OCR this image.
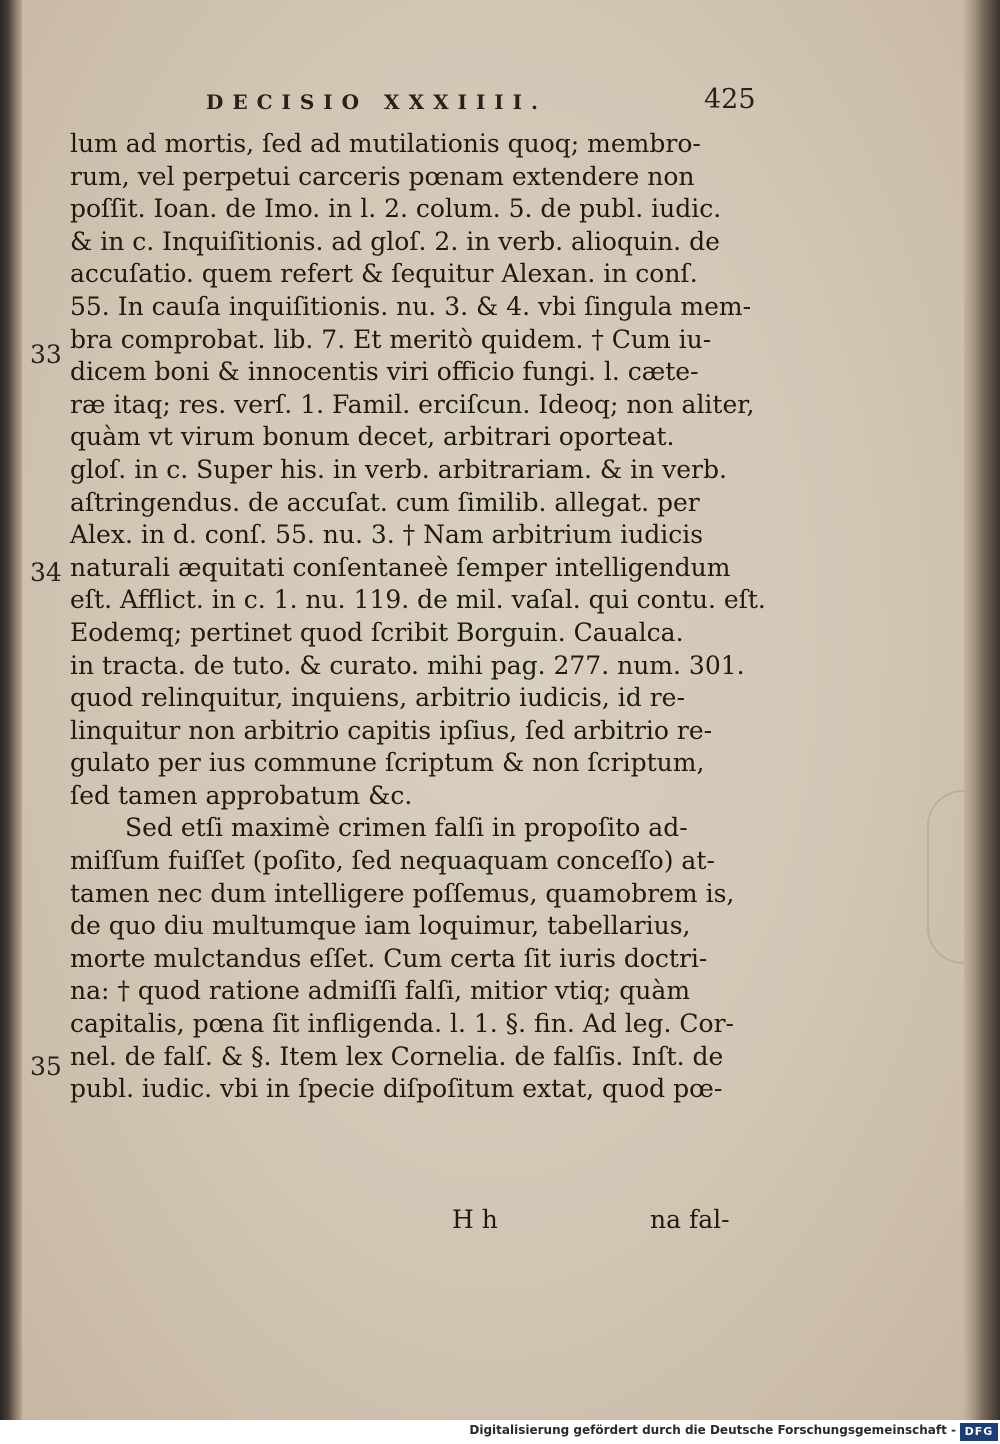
DECISIO XXXIIII.	425
33
34
35
lum ad mortis, ſed ad mutilationis quoq; membro-
rum, vel perpetui carceris pœnam extendere non
poſſit. Ioan. de Imo. in l. 2. colum. 5. de publ. iudic.
& in c. Inquiſitionis. ad gloſ. 2. in verb. alioquin. de
accuſatio. quem refert & ſequitur Alexan. in conſ.
55. In cauſa inquiſitionis. nu. 3. & 4. vbi ſingula mem-
bra comprobat. lib. 7. Et meritò quidem. † Cum iu-
dicem boni & innocentis viri officio fungi. l. cæte-
ræ itaq; res. verſ. 1. Famil. erciſcun. Ideoq; non aliter,
quàm vt virum bonum decet, arbitrari oporteat.
gloſ. in c. Super his. in verb. arbitrariam. & in verb.
aſtringendus. de accuſat. cum ſimilib. allegat. per
Alex. in d. conſ. 55. nu. 3. † Nam arbitrium iudicis
naturali æquitati conſentaneè ſemper intelligendum
eſt. Afflict. in c. 1. nu. 119. de mil. vaſal. qui contu. eſt.
Eodemq; pertinet quod ſcribit Borguin. Caualca.
in tracta. de tuto. & curato. mihi pag. 277. num. 301.
quod relinquitur, inquiens, arbitrio iudicis, id re-
linquitur non arbitrio capitis ipſius, ſed arbitrio re-
gulato per ius commune ſcriptum & non ſcriptum,
ſed tamen approbatum &c.
Sed etſi maximè crimen falſi in propoſito ad-
miſſum fuiſſet (poſito, ſed nequaquam conceſſo) at-
tamen nec dum intelligere poſſemus, quamobrem is,
de quo diu multumque iam loquimur, tabellarius,
morte mulctandus eſſet. Cum certa ſit iuris doctri-
na: † quod ratione admiſſi falſi, mitior vtiq; quàm
capitalis, pœna ſit infligenda. l. 1. §. fin. Ad leg. Cor-
nel. de falſ. & §. Item lex Cornelia. de falſis. Inſt. de
publ. iudic. vbi in ſpecie diſpoſitum extat, quod pœ-
H h	na fal-
Digitalisierung gefördert durch die Deutsche Forschungsgemeinschaft - DFG
